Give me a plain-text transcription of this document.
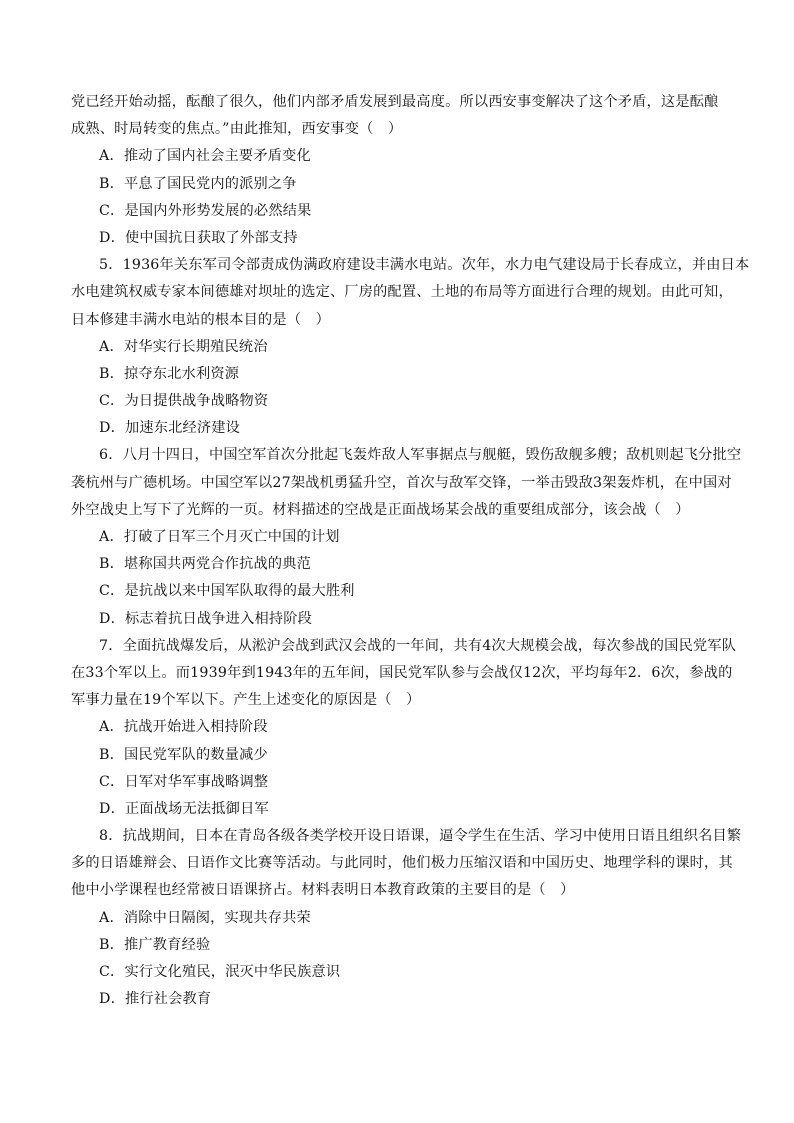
党已经开始动摇，酝酿了很久，他们内部矛盾发展到最高度。所以西安事变解决了这个矛盾，这是酝酿
成熟、时局转变的焦点。”由此推知，西安事变（　）
A．推动了国内社会主要矛盾变化
B．平息了国民党内的派别之争
C．是国内外形势发展的必然结果
D．使中国抗日获取了外部支持
5．1936年关东军司令部责成伪满政府建设丰满水电站。次年，水力电气建设局于长春成立，并由日本
水电建筑权威专家本间德雄对坝址的选定、厂房的配置、土地的布局等方面进行合理的规划。由此可知，
日本修建丰满水电站的根本目的是（　）
A．对华实行长期殖民统治
B．掠夺东北水利资源
C．为日提供战争战略物资
D．加速东北经济建设
6．八月十四日，中国空军首次分批起飞轰炸敌人军事据点与舰艇，毁伤敌舰多艘；敌机则起飞分批空
袭杭州与广德机场。中国空军以27架战机勇猛升空，首次与敌军交锋，一举击毁敌3架轰炸机，在中国对
外空战史上写下了光辉的一页。材料描述的空战是正面战场某会战的重要组成部分，该会战（　）
A．打破了日军三个月灭亡中国的计划
B．堪称国共两党合作抗战的典范
C．是抗战以来中国军队取得的最大胜利
D．标志着抗日战争进入相持阶段
7．全面抗战爆发后，从淞沪会战到武汉会战的一年间，共有4次大规模会战，每次参战的国民党军队
在33个军以上。而1939年到1943年的五年间，国民党军队参与会战仅12次，平均每年2．6次，参战的
军事力量在19个军以下。产生上述变化的原因是（　）
A．抗战开始进入相持阶段
B．国民党军队的数量减少
C．日军对华军事战略调整
D．正面战场无法抵御日军
8．抗战期间，日本在青岛各级各类学校开设日语课，逼令学生在生活、学习中使用日语且组织名目繁
多的日语雄辩会、日语作文比赛等活动。与此同时，他们极力压缩汉语和中国历史、地理学科的课时，其
他中小学课程也经常被日语课挤占。材料表明日本教育政策的主要目的是（　）
A．消除中日隔阂，实现共存共荣
B．推广教育经验
C．实行文化殖民，泯灭中华民族意识
D．推行社会教育
